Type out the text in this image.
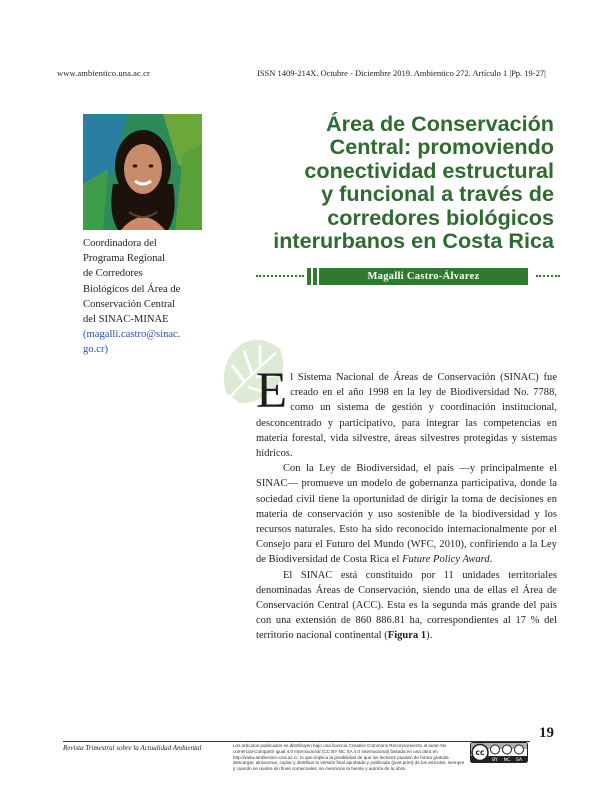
www.ambientico.una.ac.cr	ISSN 1409-214X. Octubre - Diciembre 2019. Ambientico 272. Artículo 1 |Pp. 19-27|
Área de Conservación
Central: promoviendo
conectividad estructural
y funcional a través de
corredores biológicos
interurbanos en Costa Rica
Magalli Castro-Álvarez
Coordinadora del
Programa Regional
de Corredores
Biológicos del Área de
Conservación Central
del SINAC-MINAE
(magalli.castro@sinac.
go.cr)

El Sistema Nacional de Áreas de Conservación (SINAC) fue creado en el año 1998 en la ley de Biodiversidad No. 7788, como un sistema de gestión y coordinación institucional, desconcentrado y participativo, para integrar las competencias en materia forestal, vida silvestre, áreas silvestres protegidas y sistemas hídricos.

Con la Ley de Biodiversidad, el país —y principalmente el SINAC— promueve un modelo de gobernanza participativa, donde la sociedad civil tiene la oportunidad de dirigir la toma de decisiones en materia de conservación y uso sostenible de la biodiversidad y los recursos naturales. Esto ha sido reconocido internacionalmente por el Consejo para el Futuro del Mundo (WFC, 2010), confiriendo a la Ley de Biodiversidad de Costa Rica el Future Policy Award.

El SINAC está constituido por 11 unidades territoriales denominadas Áreas de Conservación, siendo una de ellas el Área de Conservación Central (ACC). Esta es la segunda más grande del país con una extensión de 860 886.81 ha, correspondientes al 17 % del territorio nacional continental (Figura 1).

19
Revista Trimestral sobre la Actualidad Ambiental	Los artículos publicados se distribuyen bajo una licencia Creative Commons Reconocimiento al autor-No comercial-Compartir igual 4.0 Internacional (CC BY NC SA 4.0 Internacional) basada en una obra en http://www.ambientico.una.ac.cr, lo que implica la posibilidad de que los lectores puedan de forma gratuita descargar, almacenar, copiar y distribuir la versión final aprobada y publicada (post print) de los artículos, siempre y cuando se realice sin fines comerciales, se mencione la fuente y autoría de la obra.
cc
BY NC SA
